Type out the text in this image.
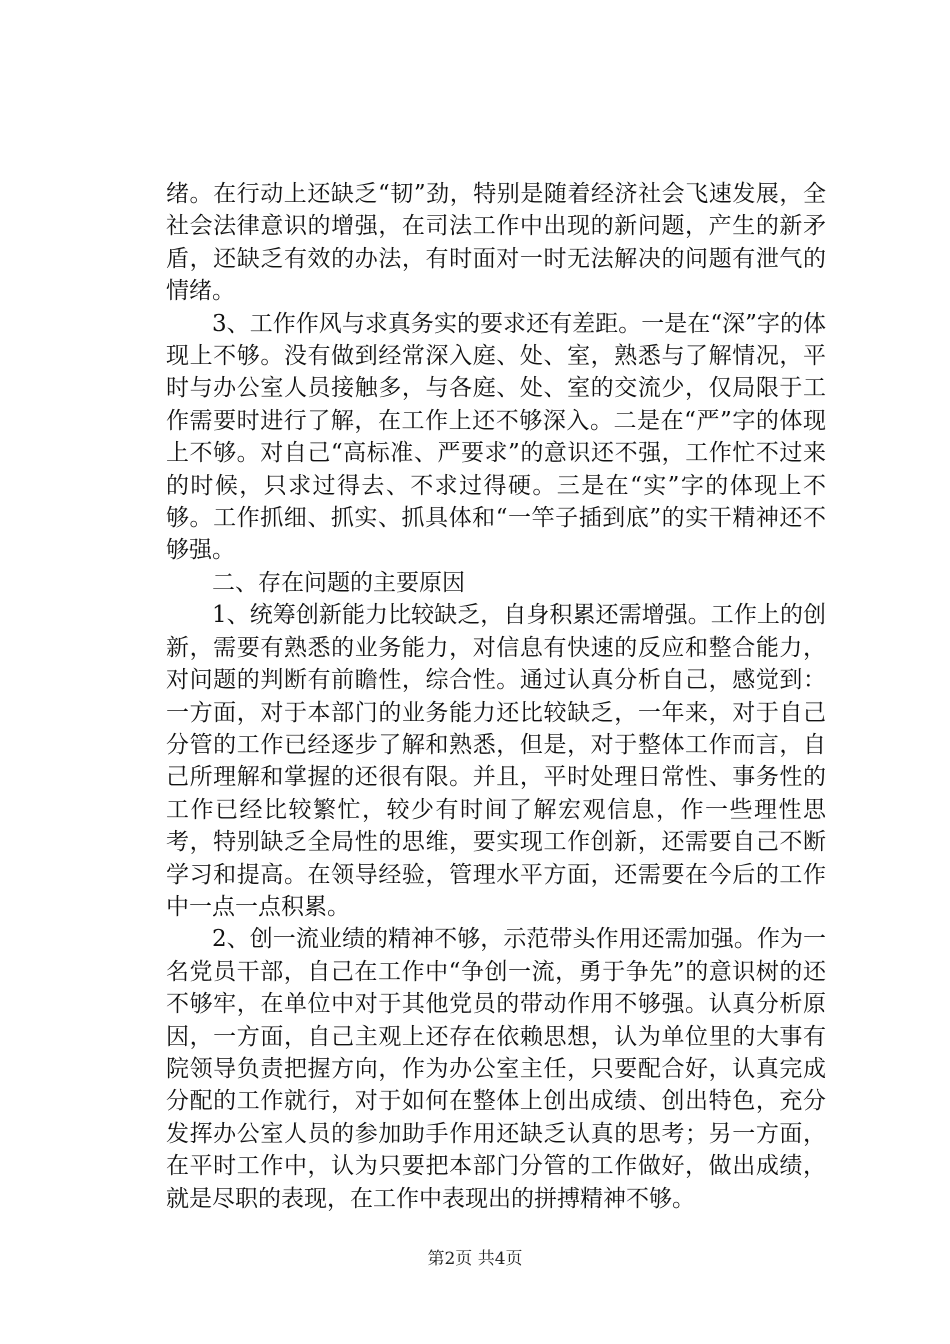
绪。在行动上还缺乏“韧”劲，特别是随着经济社会飞速发展，全社会法律意识的增强，在司法工作中出现的新问题，产生的新矛盾，还缺乏有效的办法，有时面对一时无法解决的问题有泄气的情绪。

3、工作作风与求真务实的要求还有差距。一是在“深”字的体现上不够。没有做到经常深入庭、处、室，熟悉与了解情况，平时与办公室人员接触多，与各庭、处、室的交流少，仅局限于工作需要时进行了解，在工作上还不够深入。二是在“严”字的体现上不够。对自己“高标准、严要求”的意识还不强，工作忙不过来的时候，只求过得去、不求过得硬。三是在“实”字的体现上不够。工作抓细、抓实、抓具体和“一竿子插到底”的实干精神还不够强。

二、存在问题的主要原因

1、统筹创新能力比较缺乏，自身积累还需增强。工作上的创新，需要有熟悉的业务能力，对信息有快速的反应和整合能力，对问题的判断有前瞻性，综合性。通过认真分析自己，感觉到：一方面，对于本部门的业务能力还比较缺乏，一年来，对于自己分管的工作已经逐步了解和熟悉，但是，对于整体工作而言，自己所理解和掌握的还很有限。并且，平时处理日常性、事务性的工作已经比较繁忙，较少有时间了解宏观信息，作一些理性思考，特别缺乏全局性的思维，要实现工作创新，还需要自己不断学习和提高。在领导经验，管理水平方面，还需要在今后的工作中一点一点积累。

2、创一流业绩的精神不够，示范带头作用还需加强。作为一名党员干部，自己在工作中“争创一流，勇于争先”的意识树的还不够牢，在单位中对于其他党员的带动作用不够强。认真分析原因，一方面，自己主观上还存在依赖思想，认为单位里的大事有院领导负责把握方向，作为办公室主任，只要配合好，认真完成分配的工作就行，对于如何在整体上创出成绩、创出特色，充分发挥办公室人员的参加助手作用还缺乏认真的思考；另一方面，在平时工作中，认为只要把本部门分管的工作做好，做出成绩，就是尽职的表现，在工作中表现出的拼搏精神不够。

第2页 共4页
